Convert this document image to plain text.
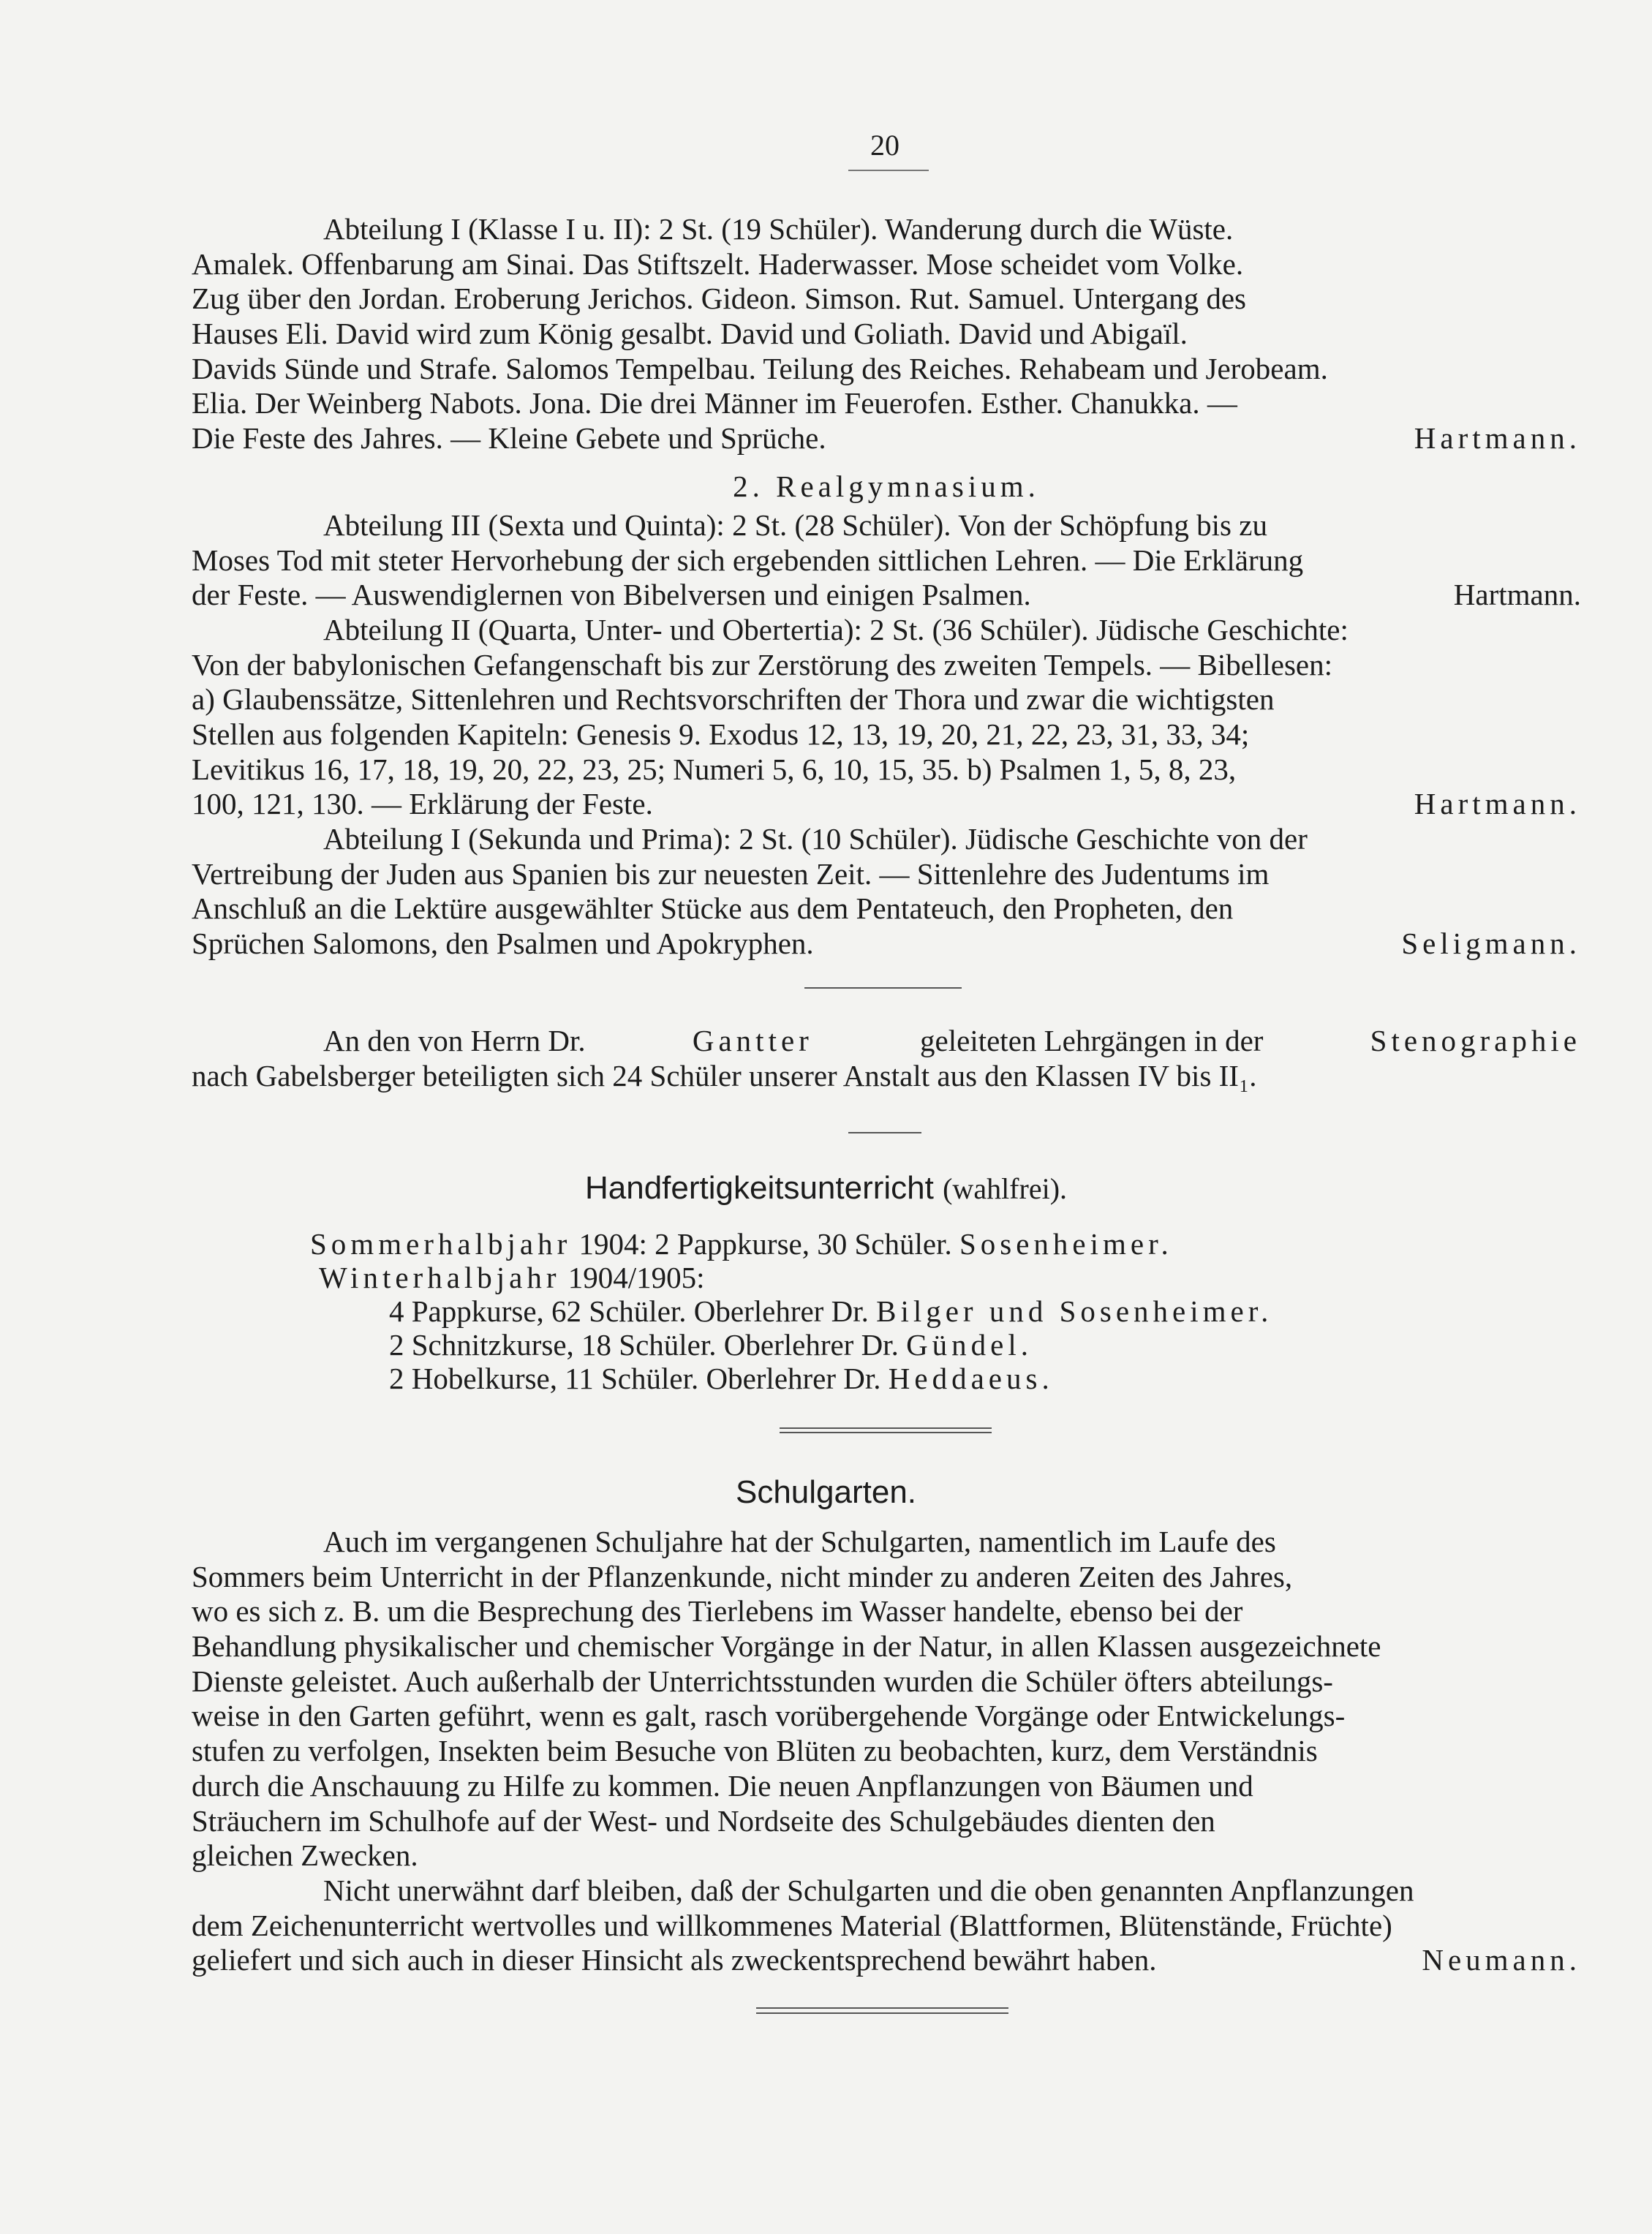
20
Abteilung I (Klasse I u. II): 2 St. (19 Schüler). Wanderung durch die Wüste.
Amalek. Offenbarung am Sinai. Das Stiftszelt. Haderwasser. Mose scheidet vom Volke.
Zug über den Jordan. Eroberung Jerichos. Gideon. Simson. Rut. Samuel. Untergang des
Hauses Eli. David wird zum König gesalbt. David und Goliath. David und Abigaïl.
Davids Sünde und Strafe. Salomos Tempelbau. Teilung des Reiches. Rehabeam und Jerobeam.
Elia. Der Weinberg Nabots. Jona. Die drei Männer im Feuerofen. Esther. Chanukka. —
Die Feste des Jahres. — Kleine Gebete und Sprüche.	Hartmann.
2. Realgymnasium.
Abteilung III (Sexta und Quinta): 2 St. (28 Schüler). Von der Schöpfung bis zu
Moses Tod mit steter Hervorhebung der sich ergebenden sittlichen Lehren. — Die Erklärung
der Feste. — Auswendiglernen von Bibelversen und einigen Psalmen.	Hartmann.
Abteilung II (Quarta, Unter- und Obertertia): 2 St. (36 Schüler). Jüdische Geschichte:
Von der babylonischen Gefangenschaft bis zur Zerstörung des zweiten Tempels. — Bibellesen:
a) Glaubenssätze, Sittenlehren und Rechtsvorschriften der Thora und zwar die wichtigsten
Stellen aus folgenden Kapiteln: Genesis 9. Exodus 12, 13, 19, 20, 21, 22, 23, 31, 33, 34;
Levitikus 16, 17, 18, 19, 20, 22, 23, 25; Numeri 5, 6, 10, 15, 35. b) Psalmen 1, 5, 8, 23,
100, 121, 130. — Erklärung der Feste.	Hartmann.
Abteilung I (Sekunda und Prima): 2 St. (10 Schüler). Jüdische Geschichte von der
Vertreibung der Juden aus Spanien bis zur neuesten Zeit. — Sittenlehre des Judentums im
Anschluß an die Lektüre ausgewählter Stücke aus dem Pentateuch, den Propheten, den
Sprüchen Salomons, den Psalmen und Apokryphen.	Seligmann.
An den von Herrn Dr.	Gantter	geleiteten Lehrgängen in der	Stenographie
nach Gabelsberger beteiligten sich 24 Schüler unserer Anstalt aus den Klassen IV bis II₁.
Handfertigkeitsunterricht (wahlfrei).
Sommerhalbjahr 1904: 2 Pappkurse, 30 Schüler. Sosenheimer.
Winterhalbjahr 1904/1905:
4 Pappkurse, 62 Schüler. Oberlehrer Dr. Bilger und Sosenheimer.
2 Schnitzkurse, 18 Schüler. Oberlehrer Dr. Gündel.
2 Hobelkurse, 11 Schüler. Oberlehrer Dr. Heddaeus.
Schulgarten.
Auch im vergangenen Schuljahre hat der Schulgarten, namentlich im Laufe des
Sommers beim Unterricht in der Pflanzenkunde, nicht minder zu anderen Zeiten des Jahres,
wo es sich z. B. um die Besprechung des Tierlebens im Wasser handelte, ebenso bei der
Behandlung physikalischer und chemischer Vorgänge in der Natur, in allen Klassen ausgezeichnete
Dienste geleistet. Auch außerhalb der Unterrichtsstunden wurden die Schüler öfters abteilungs-
weise in den Garten geführt, wenn es galt, rasch vorübergehende Vorgänge oder Entwickelungs-
stufen zu verfolgen, Insekten beim Besuche von Blüten zu beobachten, kurz, dem Verständnis
durch die Anschauung zu Hilfe zu kommen. Die neuen Anpflanzungen von Bäumen und
Sträuchern im Schulhofe auf der West- und Nordseite des Schulgebäudes dienten den
gleichen Zwecken.
Nicht unerwähnt darf bleiben, daß der Schulgarten und die oben genannten Anpflanzungen
dem Zeichenunterricht wertvolles und willkommenes Material (Blattformen, Blütenstände, Früchte)
geliefert und sich auch in dieser Hinsicht als zweckentsprechend bewährt haben.	Neumann.
